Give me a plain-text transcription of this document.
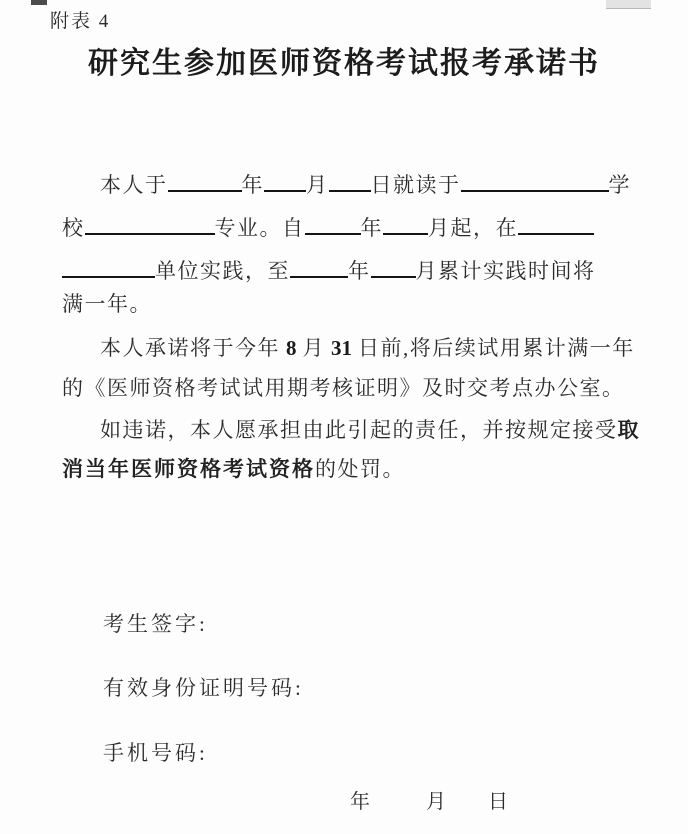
附表 4
研究生参加医师资格考试报考承诺书
本人于	年 月 日就读于	学
校	专业。自	年 月起，在
单位实践，至	年 月累计实践时间将
满一年。
本人承诺将于今年 8 月 31 日前,将后续试用累计满一年
的《医师资格考试试用期考核证明》及时交考点办公室。
如违诺，本人愿承担由此引起的责任，并按规定接受取
消当年医师资格考试资格的处罚。
考生签字:
有效身份证明号码:
手机号码:
年	月 日
